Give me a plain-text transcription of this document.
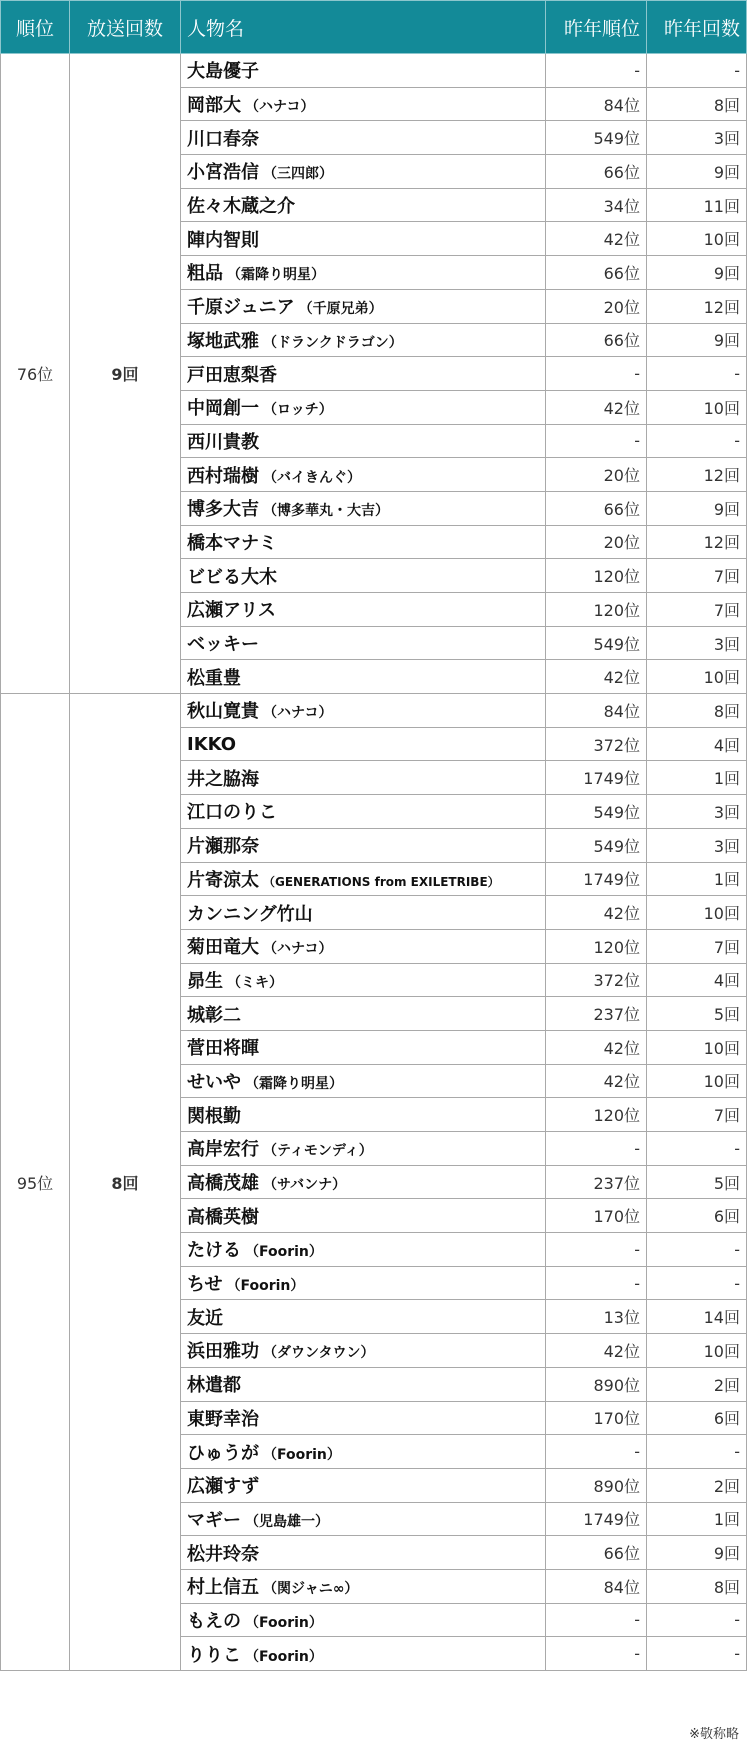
順位	放送回数	人物名	昨年順位	昨年回数
76位	9回	大島優子	-	-
		岡部大 （ハナコ）	84位	8回
		川口春奈	549位	3回
		小宮浩信 （三四郎）	66位	9回
		佐々木蔵之介	34位	11回
		陣内智則	42位	10回
		粗品 （霜降り明星）	66位	9回
		千原ジュニア （千原兄弟）	20位	12回
		塚地武雅 （ドランクドラゴン）	66位	9回
		戸田恵梨香	-	-
		中岡創一 （ロッチ）	42位	10回
		西川貴教	-	-
		西村瑞樹 （バイきんぐ）	20位	12回
		博多大吉 （博多華丸・大吉）	66位	9回
		橋本マナミ	20位	12回
		ビビる大木	120位	7回
		広瀬アリス	120位	7回
		ベッキー	549位	3回
		松重豊	42位	10回
95位	8回	秋山寛貴 （ハナコ）	84位	8回
		IKKO	372位	4回
		井之脇海	1749位	1回
		江口のりこ	549位	3回
		片瀬那奈	549位	3回
		片寄涼太 （GENERATIONS from EXILETRIBE）	1749位	1回
		カンニング竹山	42位	10回
		菊田竜大 （ハナコ）	120位	7回
		昴生 （ミキ）	372位	4回
		城彰二	237位	5回
		菅田将暉	42位	10回
		せいや （霜降り明星）	42位	10回
		関根勤	120位	7回
		高岸宏行 （ティモンディ）	-	-
		高橋茂雄 （サバンナ）	237位	5回
		高橋英樹	170位	6回
		たける （Foorin）	-	-
		ちせ （Foorin）	-	-
		友近	13位	14回
		浜田雅功 （ダウンタウン）	42位	10回
		林遣都	890位	2回
		東野幸治	170位	6回
		ひゅうが （Foorin）	-	-
		広瀬すず	890位	2回
		マギー （児島雄一）	1749位	1回
		松井玲奈	66位	9回
		村上信五 （関ジャニ∞）	84位	8回
		もえの （Foorin）	-	-
		りりこ （Foorin）	-	-
※敬称略
